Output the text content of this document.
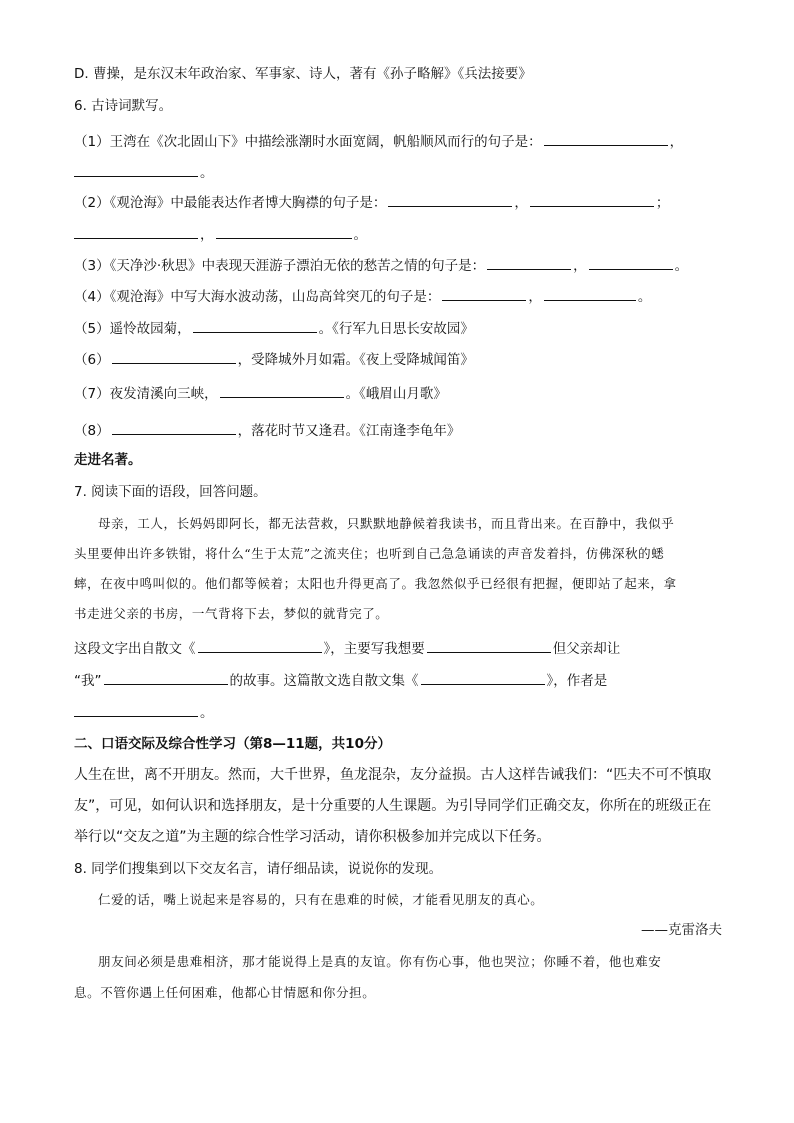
D. 曹操，是东汉末年政治家、军事家、诗人，著有《孙子略解》《兵法接要》
6. 古诗词默写。
（1）王湾在《次北固山下》中描绘涨潮时水面宽阔，帆船顺风而行的句子是：	，
。
（2）《观沧海》中最能表达作者博大胸襟的句子是：	，	；
，	。
（3）《天净沙·秋思》中表现天涯游子漂泊无依的愁苦之情的句子是：	，	。
（4）《观沧海》中写大海水波动荡，山岛高耸突兀的句子是：	，	。
（5）遥怜故园菊，	。《行军九日思长安故园》
（6）	，受降城外月如霜。《夜上受降城闻笛》
（7）夜发清溪向三峡，	。《峨眉山月歌》
（8）	，落花时节又逢君。《江南逢李龟年》
走进名著。
7. 阅读下面的语段，回答问题。
母亲，工人，长妈妈即阿长，都无法营救，只默默地静候着我读书，而且背出来。在百静中，我似乎
头里要伸出许多铁钳，将什么“生于太荒”之流夹住；也听到自己急急诵读的声音发着抖，仿佛深秋的蟋
蟀，在夜中鸣叫似的。他们都等候着；太阳也升得更高了。我忽然似乎已经很有把握，便即站了起来，拿
书走进父亲的书房，一气背将下去，梦似的就背完了。
这段文字出自散文《	》，主要写我想要	但父亲却让
“我”	的故事。这篇散文选自散文集《	》，作者是
。
二、口语交际及综合性学习（第8—11题，共10分）
人生在世，离不开朋友。然而，大千世界，鱼龙混杂，友分益损。古人这样告诫我们：“匹夫不可不慎取
友”，可见，如何认识和选择朋友，是十分重要的人生课题。为引导同学们正确交友，你所在的班级正在
举行以“交友之道”为主题的综合性学习活动，请你积极参加并完成以下任务。
8. 同学们搜集到以下交友名言，请仔细品读，说说你的发现。
仁爱的话，嘴上说起来是容易的，只有在患难的时候，才能看见朋友的真心。
——克雷洛夫
朋友间必须是患难相济，那才能说得上是真的友谊。你有伤心事，他也哭泣；你睡不着，他也难安
息。不管你遇上任何困难，他都心甘情愿和你分担。
